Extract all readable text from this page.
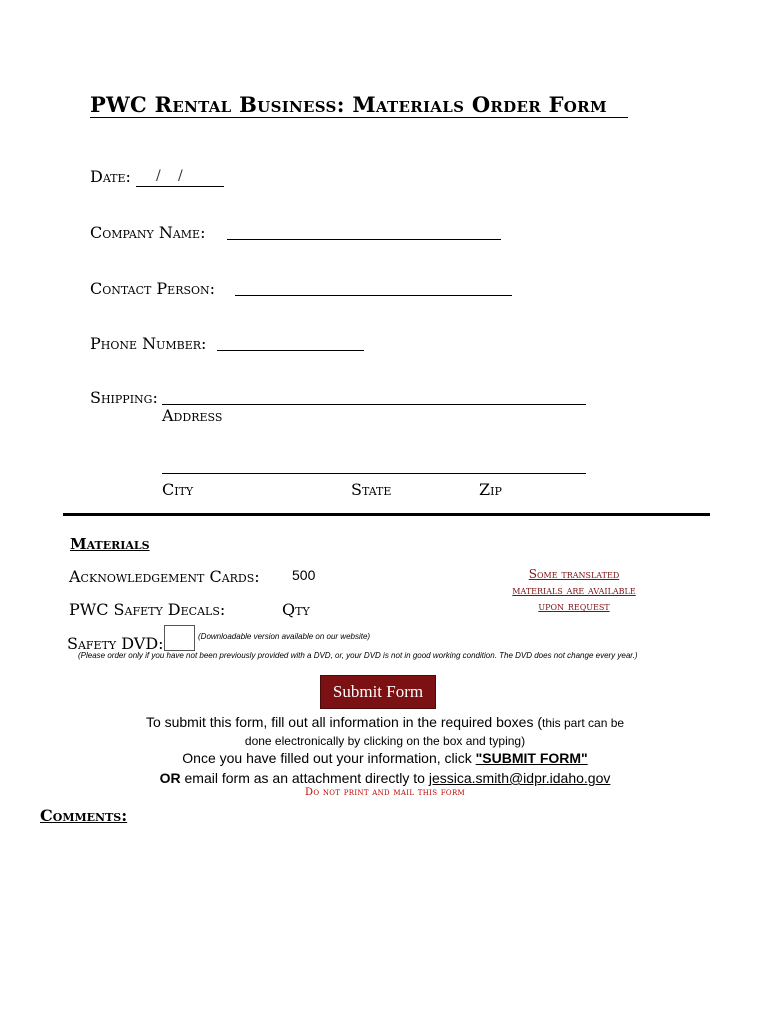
PWC Rental Business: Materials Order Form
Date: / /
Company Name:
Contact Person:
Phone Number:
Shipping:
Address
City	State	Zip
Materials
Acknowledgement Cards: 500
PWC Safety Decals:	Qty
Some translated
materials are available
upon request
Safety DVD:	(Downloadable version available on our website)
(Please order only if you have not been previously provided with a DVD, or, your DVD is not in good working condition. The DVD does not change every year.)
Submit Form
To submit this form, fill out all information in the required boxes (this part can be
done electronically by clicking on the box and typing)
Once you have filled out your information, click "SUBMIT FORM"
OR email form as an attachment directly to jessica.smith@idpr.idaho.gov
Do not print and mail this form
Comments:
